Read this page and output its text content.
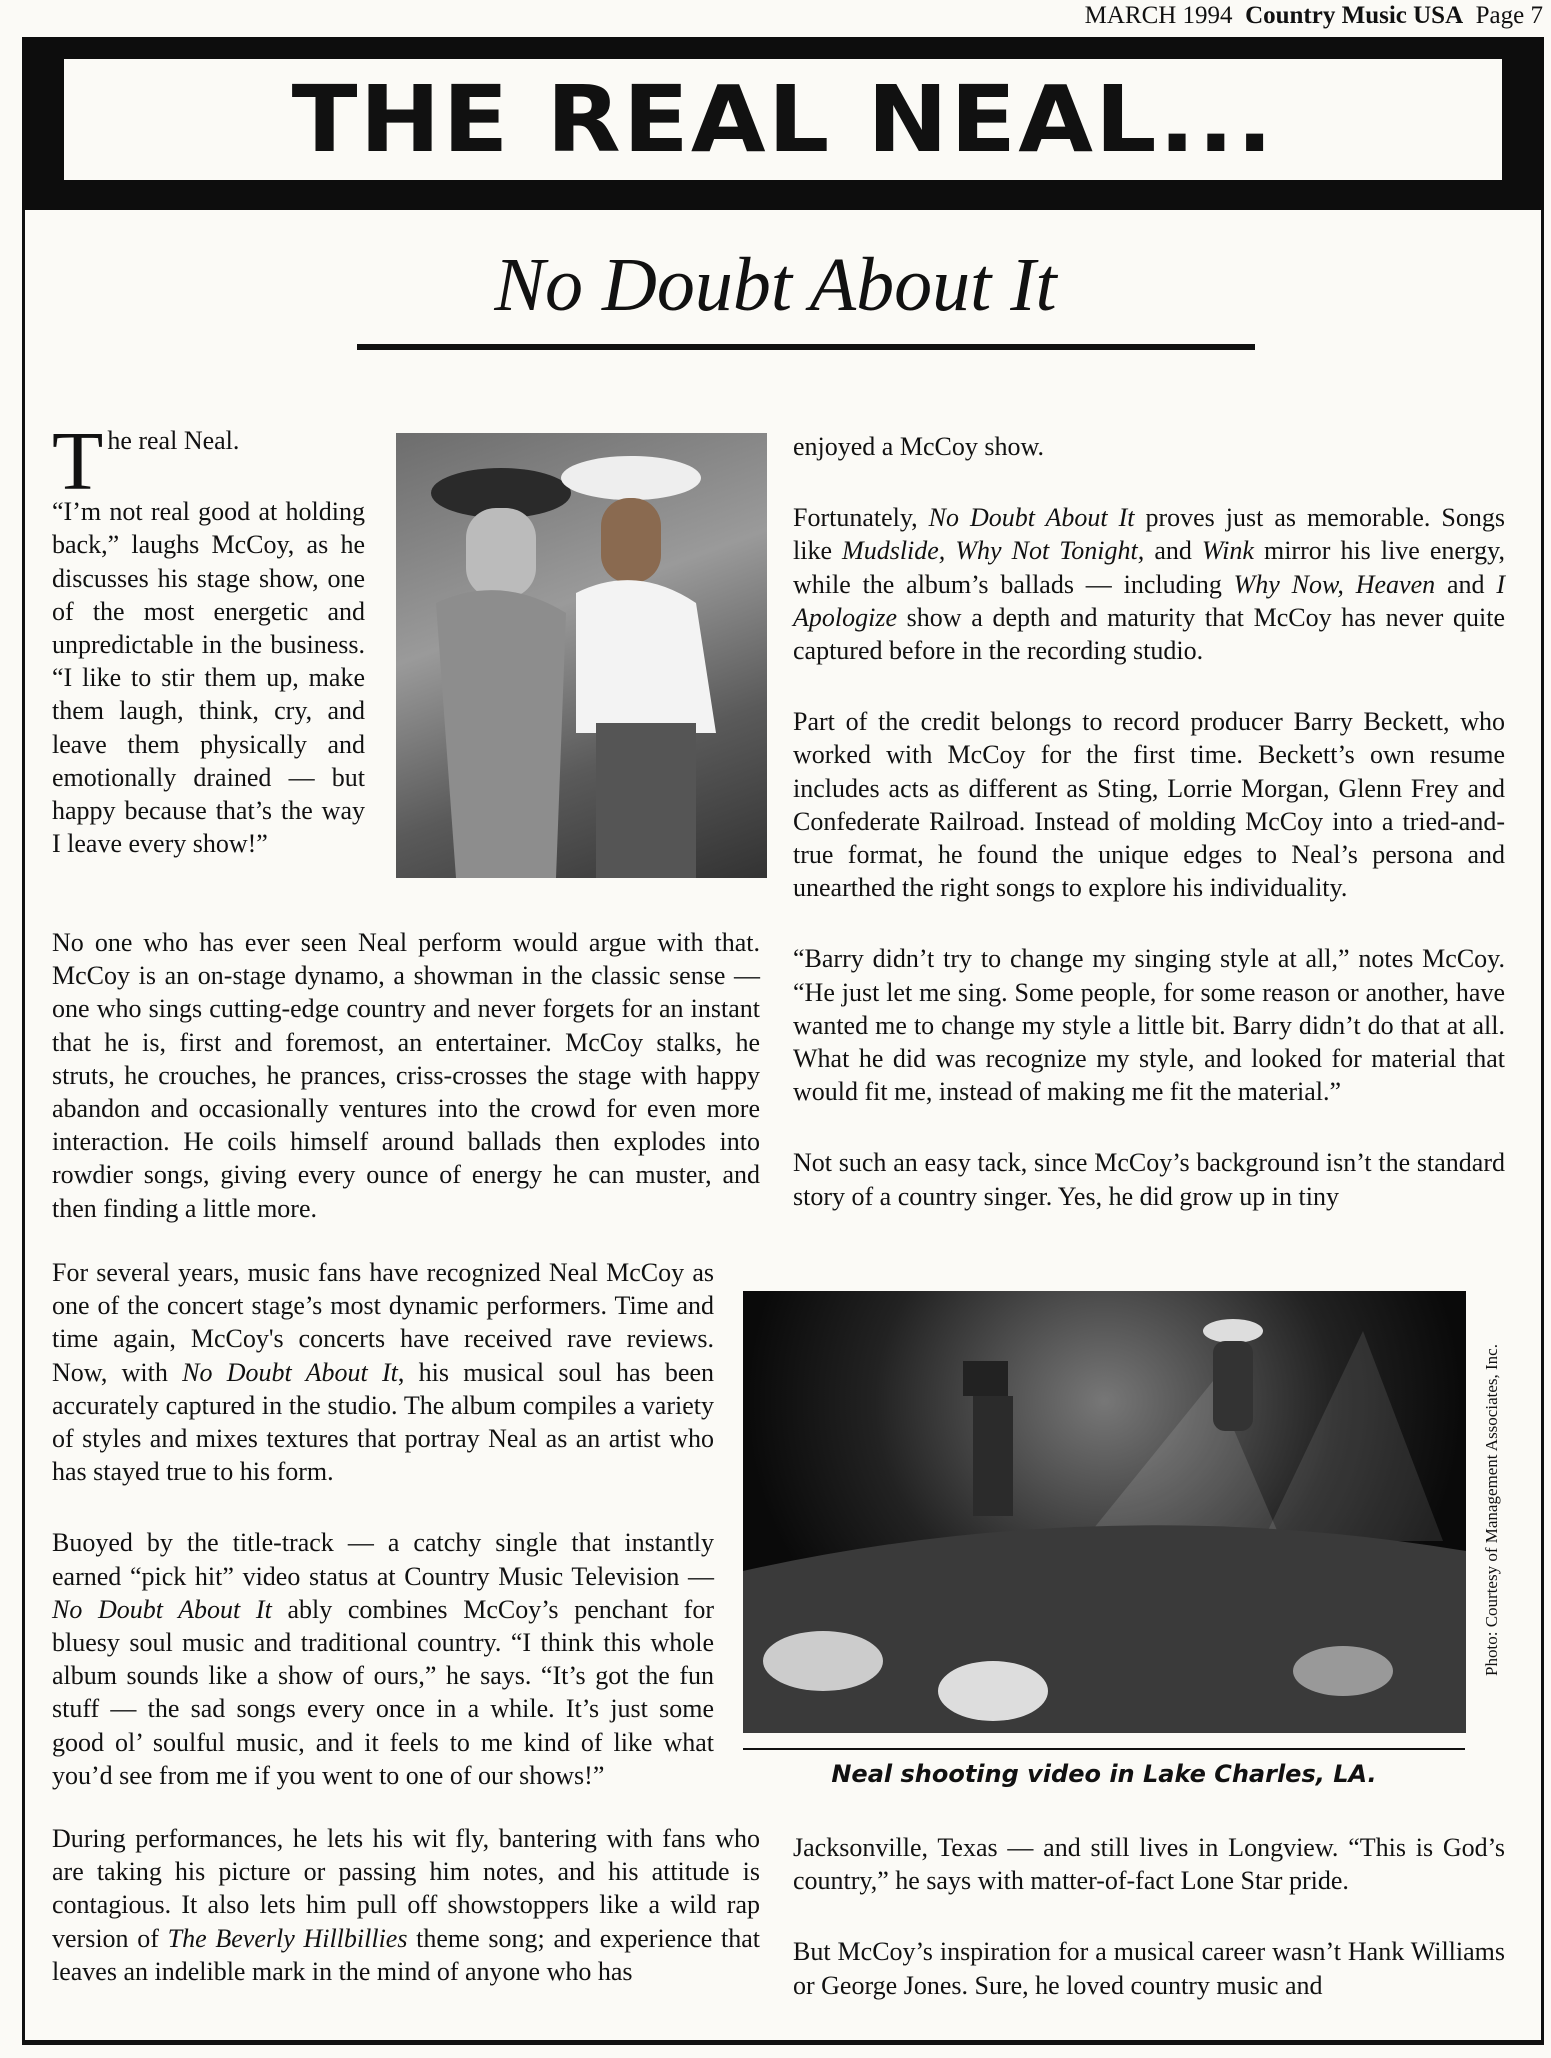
MARCH 1994 Country Music USA Page 7
THE REAL NEAL...
No Doubt About It
T he real Neal.

“I’m not real good at holding back,” laughs McCoy, as he discusses his stage show, one of the most energetic and unpredictable in the business. “I like to stir them up, make them laugh, think, cry, and leave them physically and emotionally drained — but happy because that’s the way I leave every show!”

No one who has ever seen Neal perform would argue with that. McCoy is an on-stage dynamo, a showman in the classic sense — one who sings cutting-edge country and never forgets for an instant that he is, first and foremost, an entertainer. McCoy stalks, he struts, he crouches, he prances, criss-crosses the stage with happy abandon and occasionally ventures into the crowd for even more interaction. He coils himself around ballads then explodes into rowdier songs, giving every ounce of energy he can muster, and then finding a little more.

For several years, music fans have recognized Neal McCoy as one of the concert stage’s most dynamic performers. Time and time again, McCoy's concerts have received rave reviews. Now, with No Doubt About It, his musical soul has been accurately captured in the studio. The album compiles a variety of styles and mixes textures that portray Neal as an artist who has stayed true to his form.

Buoyed by the title-track — a catchy single that instantly earned “pick hit” video status at Country Music Television — No Doubt About It ably combines McCoy’s penchant for bluesy soul music and traditional country. “I think this whole album sounds like a show of ours,” he says. “It’s got the fun stuff — the sad songs every once in a while. It’s just some good ol’ soulful music, and it feels to me kind of like what you’d see from me if you went to one of our shows!”

During performances, he lets his wit fly, bantering with fans who are taking his picture or passing him notes, and his attitude is contagious. It also lets him pull off showstoppers like a wild rap version of The Beverly Hillbillies theme song; and experience that leaves an indelible mark in the mind of anyone who has

enjoyed a McCoy show.

Fortunately, No Doubt About It proves just as memorable. Songs like Mudslide, Why Not Tonight, and Wink mirror his live energy, while the album’s ballads — including Why Now, Heaven and I Apologize show a depth and maturity that McCoy has never quite captured before in the recording studio.

Part of the credit belongs to record producer Barry Beckett, who worked with McCoy for the first time. Beckett’s own resume includes acts as different as Sting, Lorrie Morgan, Glenn Frey and Confederate Railroad. Instead of molding McCoy into a tried-and-true format, he found the unique edges to Neal’s persona and unearthed the right songs to explore his individuality.

“Barry didn’t try to change my singing style at all,” notes McCoy. “He just let me sing. Some people, for some reason or another, have wanted me to change my style a little bit. Barry didn’t do that at all. What he did was recognize my style, and looked for material that would fit me, instead of making me fit the material.”

Not such an easy tack, since McCoy’s background isn’t the standard story of a country singer. Yes, he did grow up in tiny

Photo: Courtesy of Management Associates, Inc.
Neal shooting video in Lake Charles, LA.

Jacksonville, Texas — and still lives in Longview. “This is God’s country,” he says with matter-of-fact Lone Star pride.

But McCoy’s inspiration for a musical career wasn’t Hank Williams or George Jones. Sure, he loved country music and
